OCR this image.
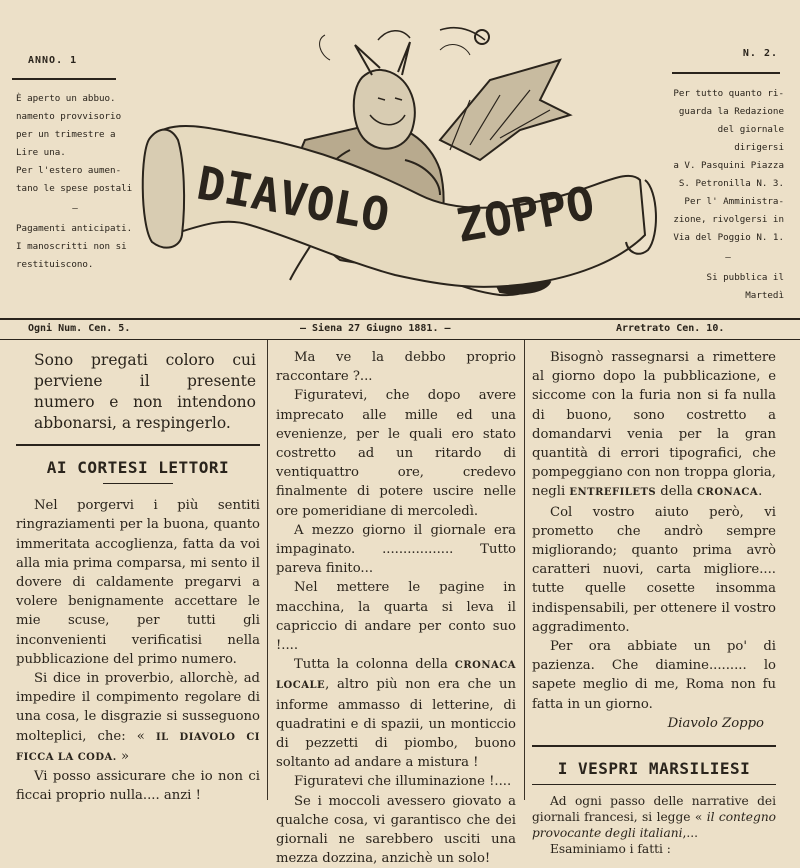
ANNO. 1
N. 2.

È aperto un abbuo.

namento provvisorio

per un trimestre a

Lire una.

Per l'estero aumen-

tano le spese postali

—

Pagamenti anticipati.

I manoscritti non si

restituiscono.

Per tutto quanto ri-

guarda la Redazione

del giornale dirigersi

a V. Pasquini Piazza

S. Petronilla N. 3.

Per l' Amministra-

zione, rivolgersi in

Via del Poggio N. 1.

—

Si pubblica il Martedì

DIAVOLO ZOPPO
Ogni Num. Cen. 5.	— Siena 27 Giugno 1881. —	Arretrato Cen. 10.

Sono pregati coloro cui perviene il presente numero e non intendono abbonarsi, a respingerlo.

AI CORTESI LETTORI

Nel porgervi i più sentiti ringraziamenti per la buona, quanto immeritata accoglienza, fatta da voi alla mia prima comparsa, mi sento il dovere di caldamente pregarvi a volere benignamente accettare le mie scuse, per tutti gli inconvenienti verificatisi nella pubblicazione del primo numero.

Si dice in proverbio, allorchè, ad impedire il compimento regolare di una cosa, le disgrazie si susseguono molteplici, che: « IL DIAVOLO CI FICCA LA CODA. »

Vi posso assicurare che io non ci ficcai proprio nulla.... anzi !

Ma ve la debbo proprio raccontare ?...

Figuratevi, che dopo avere imprecato alle mille ed una evenienze, per le quali ero stato costretto ad un ritardo di ventiquattro ore, credevo finalmente di potere uscire nelle ore pomeridiane di mercoledì.

A mezzo giorno il giornale era impaginato. ................. Tutto pareva finito...

Nel mettere le pagine in macchina, la quarta si leva il capriccio di andare per conto suo !....

Tutta la colonna della CRONACA LOCALE, altro più non era che un informe ammasso di letterine, di quadratini e di spazii, un monticcio di pezzetti di piombo, buono soltanto ad andare a mistura !

Figuratevi che illuminazione !....

Se i moccoli avessero giovato a qualche cosa, vi garantisco che dei giornali ne sarebbero usciti una mezza dozzina, anzichè un solo!

Bisognò rassegnarsi a rimettere al giorno dopo la pubblicazione, e siccome con la furia non si fa nulla di buono, sono costretto a domandarvi venia per la gran quantità di errori tipografici, che pompeggiano con non troppa gloria, negli ENTREFILETS della CRONACA.

Col vostro aiuto però, vi prometto che andrò sempre migliorando; quanto prima avrò caratteri nuovi, carta migliore.... tutte quelle cosette insomma indispensabili, per ottenere il vostro aggradimento.

Per ora abbiate un po' di pazienza. Che diamine......... lo sapete meglio di me, Roma non fu fatta in un giorno.

Diavolo Zoppo

I VESPRI MARSILIESI

Ad ogni passo delle narrative dei giornali francesi, si legge « il contegno provocante degli italiani,...

Esaminiamo i fatti :
